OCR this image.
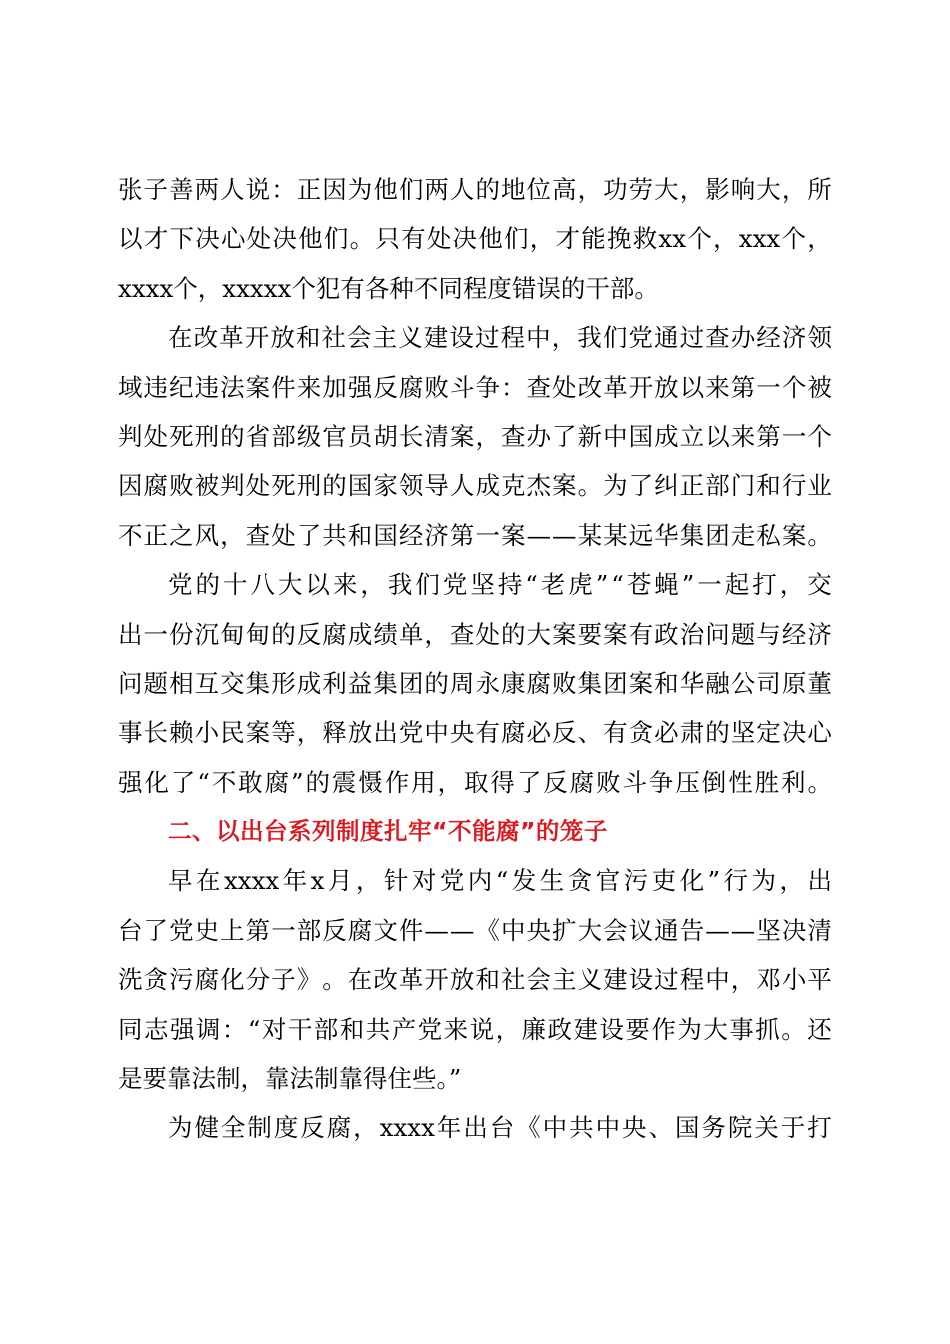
张 子 善 两 人 说 ： 正 因 为 他 们 两 人 的 地 位 高 ， 功 劳 大 ， 影 响 大 ， 所
以 才 下 决 心 处 决 他 们 。 只 有 处 决 他 们 ， 才 能 挽 救 xx 个 ， xxx 个 ，
xxxx个，xxxxx个犯有各种不同程度错误的干部。
在 改 革 开 放 和 社 会 主 义 建 设 过 程 中 ， 我 们 党 通 过 查 办 经 济 领
域 违 纪 违 法 案 件 来 加 强 反 腐 败 斗 争 ： 查 处 改 革 开 放 以 来 第 一 个 被
判 处 死 刑 的 省 部 级 官 员 胡 长 清 案 ， 查 办 了 新 中 国 成 立 以 来 第 一 个
因 腐 败 被 判 处 死 刑 的 国 家 领 导 人 成 克 杰 案 。 为 了 纠 正 部 门 和 行 业
不 正 之 风 ， 查 处 了 共 和 国 经 济 第 一 案 — — 某 某 远 华 集 团 走 私 案 。
党 的 十 八 大 以 来 ， 我 们 党 坚 持 “ 老 虎 ” “ 苍 蝇 ” 一 起 打 ， 交
出 一 份 沉 甸 甸 的 反 腐 成 绩 单 ， 查 处 的 大 案 要 案 有 政 治 问 题 与 经 济
问 题 相 互 交 集 形 成 利 益 集 团 的 周 永 康 腐 败 集 团 案 和 华 融 公 司 原 董
事 长 赖 小 民 案 等 ， 释 放 出 党 中 央 有 腐 必 反 、 有 贪 必 肃 的 坚 定 决 心
强 化 了 “ 不 敢 腐 ” 的 震 慑 作 用 ， 取 得 了 反 腐 败 斗 争 压 倒 性 胜 利 。
二、以出台系列制度扎牢“不能腐”的笼子
早 在 xxxx 年 x 月 ， 针 对 党 内 “ 发 生 贪 官 污 吏 化 ” 行 为 ， 出
台 了 党 史 上 第 一 部 反 腐 文 件 — — 《 中 央 扩 大 会 议 通 告 — — 坚 决 清
洗 贪 污 腐 化 分 子 》 。 在 改 革 开 放 和 社 会 主 义 建 设 过 程 中 ， 邓 小 平
同 志 强 调 ： “ 对 干 部 和 共 产 党 来 说 ， 廉 政 建 设 要 作 为 大 事 抓 。 还
是要靠法制，靠法制靠得住些。”
为 健 全 制 度 反 腐 ， xxxx 年 出 台 《 中 共 中 央 、 国 务 院 关 于 打
